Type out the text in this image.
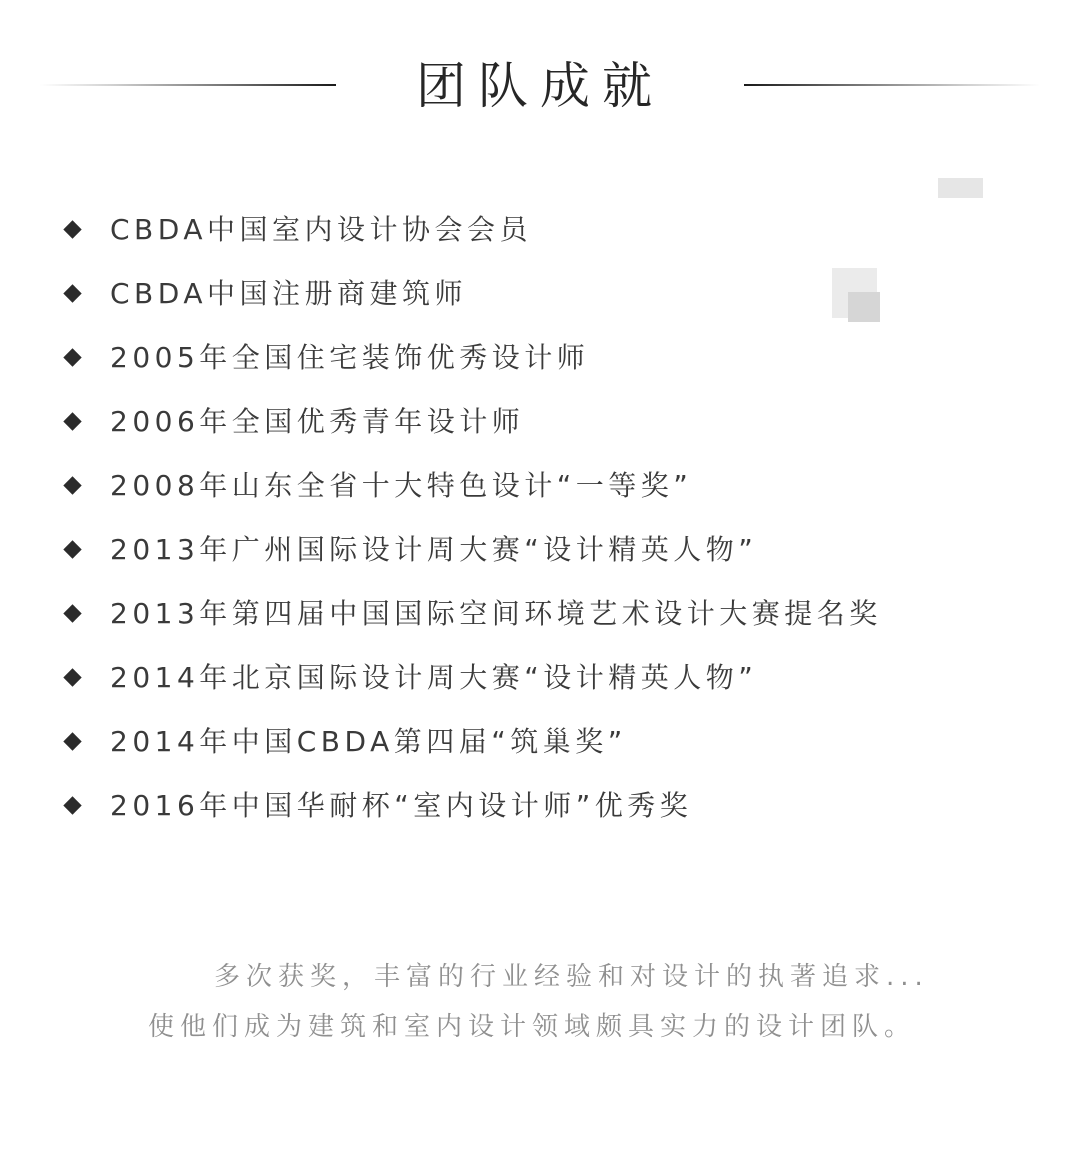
团队成就
CBDA中国室内设计协会会员
CBDA中国注册商建筑师
2005年全国住宅装饰优秀设计师
2006年全国优秀青年设计师
2008年山东全省十大特色设计“一等奖”
2013年广州国际设计周大赛“设计精英人物”
2013年第四届中国国际空间环境艺术设计大赛提名奖
2014年北京国际设计周大赛“设计精英人物”
2014年中国CBDA第四届“筑巢奖”
2016年中国华耐杯“室内设计师”优秀奖
多次获奖，丰富的行业经验和对设计的执著追求...
使他们成为建筑和室内设计领域颇具实力的设计团队。
